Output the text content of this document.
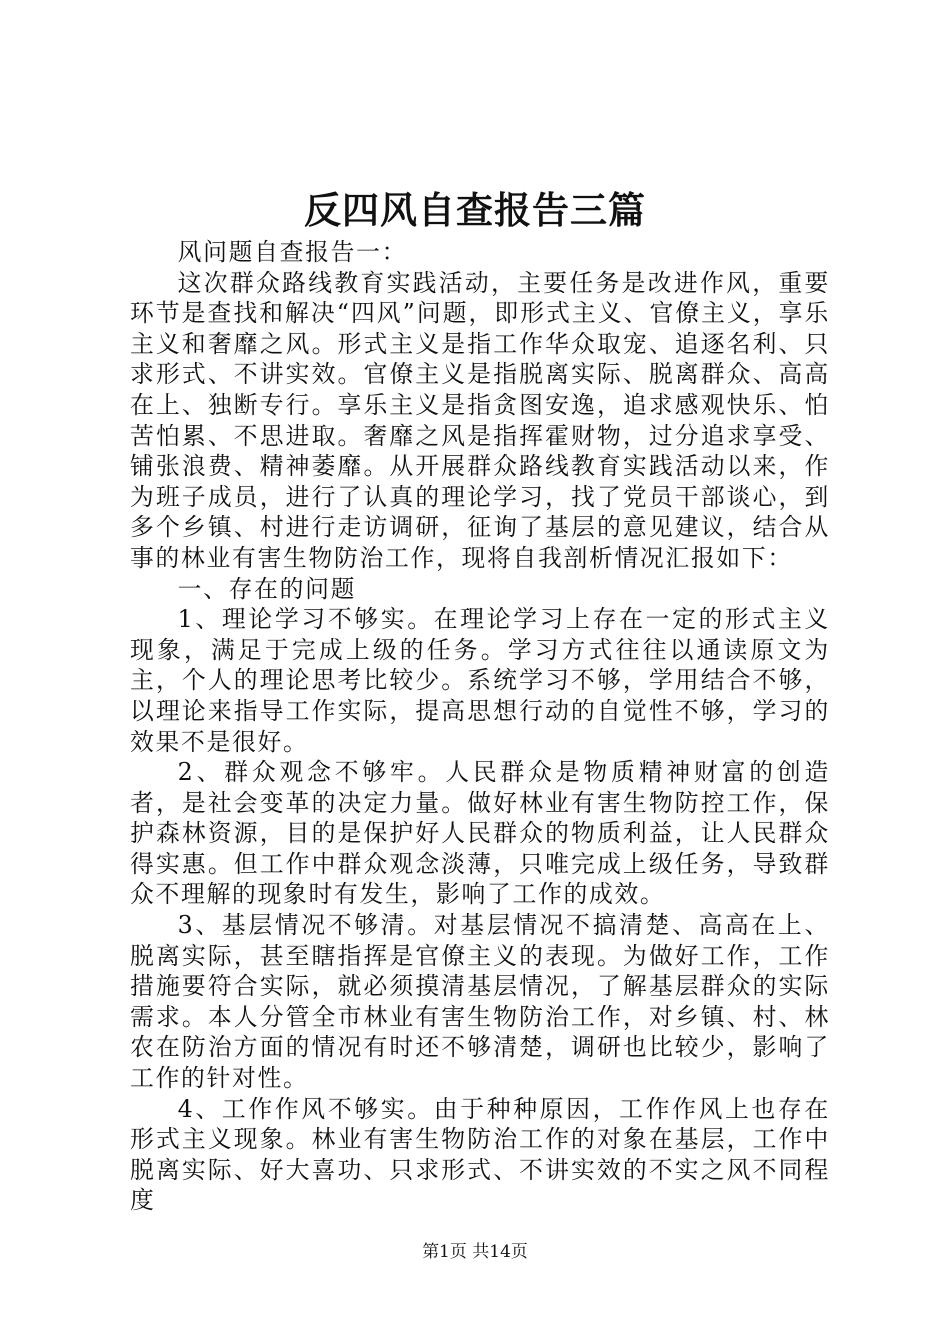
反四风自查报告三篇

风问题自查报告一：

这次群众路线教育实践活动，主要任务是改进作风，重要环节是查找和解决“四风”问题，即形式主义、官僚主义，享乐主义和奢靡之风。形式主义是指工作华众取宠、追逐名利、只求形式、不讲实效。官僚主义是指脱离实际、脱离群众、高高在上、独断专行。享乐主义是指贪图安逸，追求感观快乐、怕苦怕累、不思进取。奢靡之风是指挥霍财物，过分追求享受、铺张浪费、精神萎靡。从开展群众路线教育实践活动以来，作为班子成员，进行了认真的理论学习，找了党员干部谈心，到多个乡镇、村进行走访调研，征询了基层的意见建议，结合从事的林业有害生物防治工作，现将自我剖析情况汇报如下：

一、存在的问题

1、理论学习不够实。在理论学习上存在一定的形式主义现象，满足于完成上级的任务。学习方式往往以通读原文为主，个人的理论思考比较少。系统学习不够，学用结合不够，以理论来指导工作实际，提高思想行动的自觉性不够，学习的效果不是很好。

2、群众观念不够牢。人民群众是物质精神财富的创造者，是社会变革的决定力量。做好林业有害生物防控工作，保护森林资源，目的是保护好人民群众的物质利益，让人民群众得实惠。但工作中群众观念淡薄，只唯完成上级任务，导致群众不理解的现象时有发生，影响了工作的成效。

3、基层情况不够清。对基层情况不搞清楚、高高在上、脱离实际，甚至瞎指挥是官僚主义的表现。为做好工作，工作措施要符合实际，就必须摸清基层情况，了解基层群众的实际需求。本人分管全市林业有害生物防治工作，对乡镇、村、林农在防治方面的情况有时还不够清楚，调研也比较少，影响了工作的针对性。

4、工作作风不够实。由于种种原因，工作作风上也存在形式主义现象。林业有害生物防治工作的对象在基层，工作中脱离实际、好大喜功、只求形式、不讲实效的不实之风不同程度

第1页 共14页
